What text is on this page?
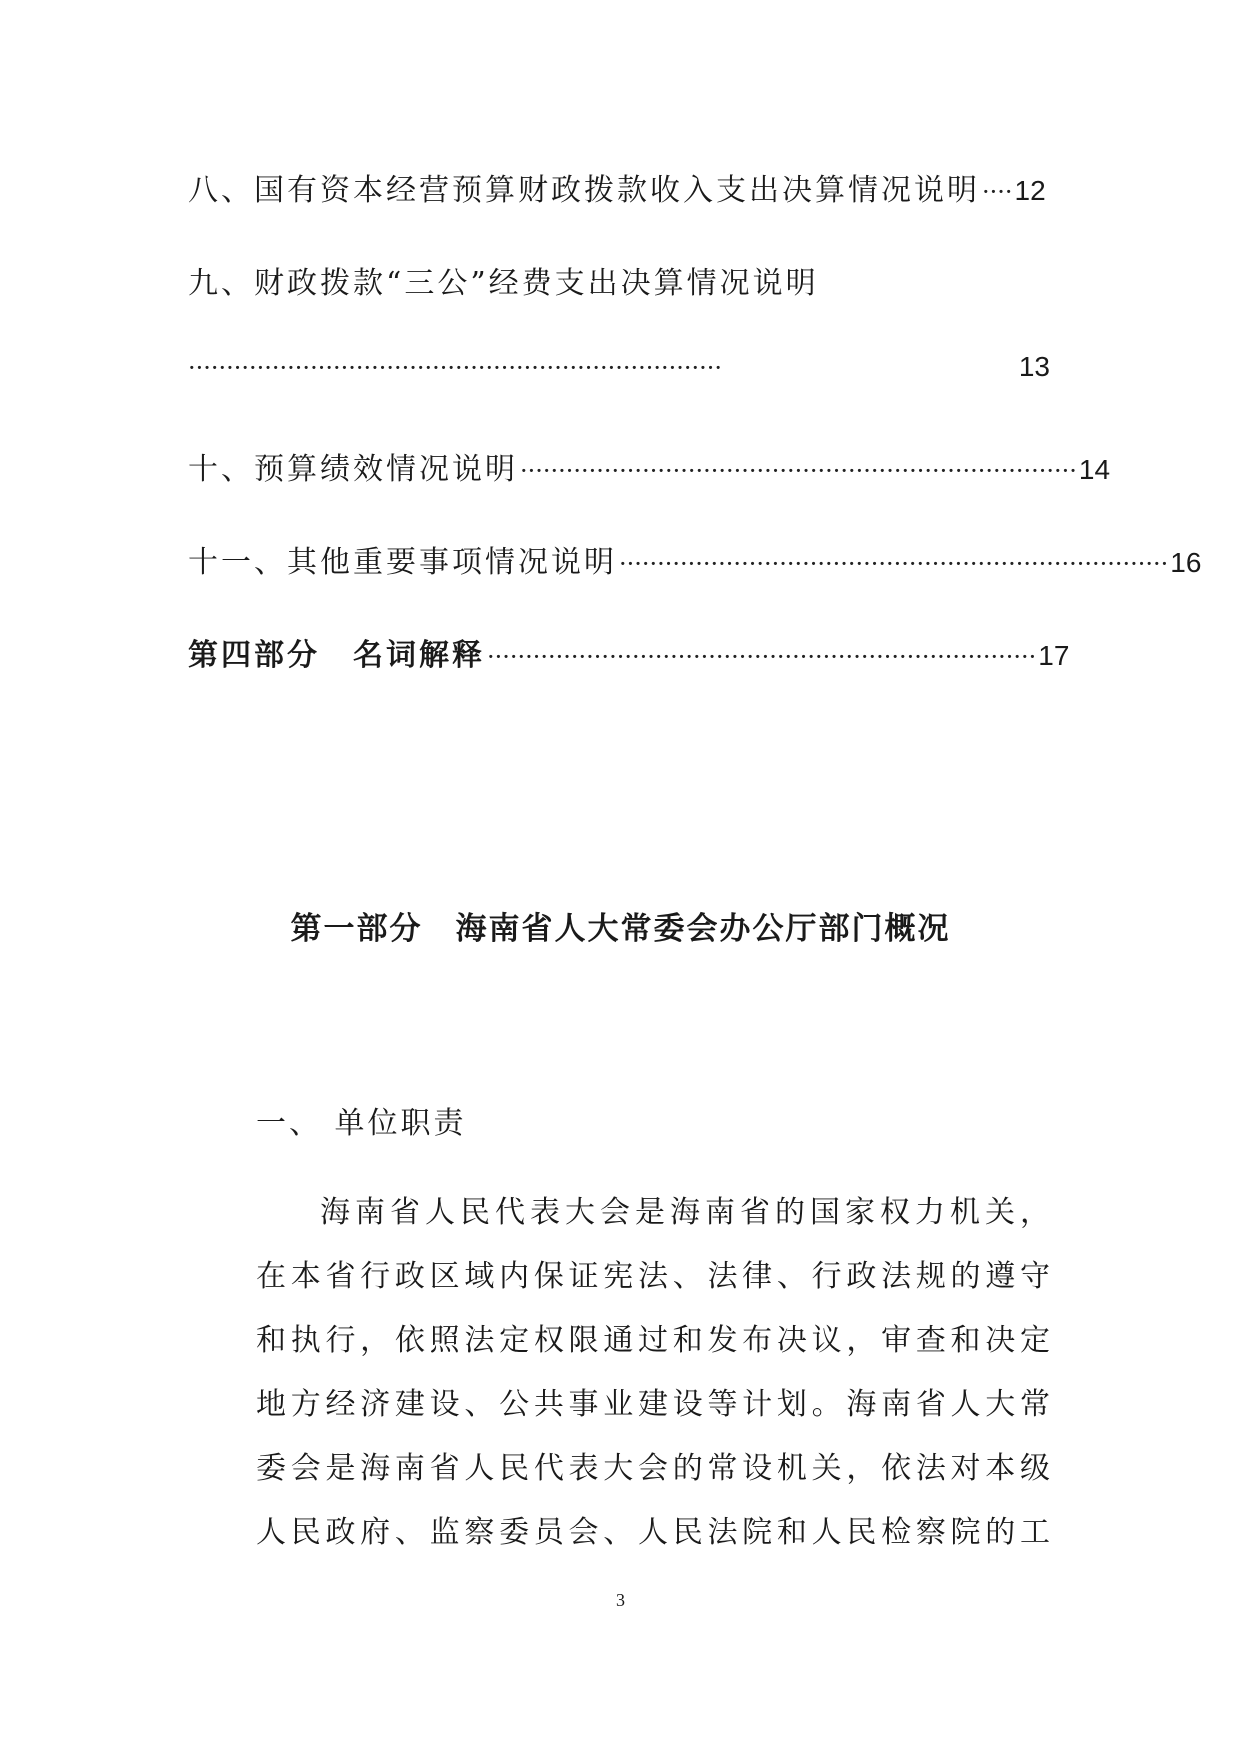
八、国有资本经营预算财政拨款收入支出决算情况说明 ···· 12
九、财政拨款“三公”经费支出决算情况说明
······································································	13
十、预算绩效情况说明 ········································································· 14
十一、其他重要事项情况说明 ········································································ 16
第四部分　名词解释 ········································································ 17
第一部分　海南省人大常委会办公厅部门概况
一、 单位职责
海南省人民代表大会是海南省的国家权力机关，
在本省行政区域内保证宪法、法律、行政法规的遵守
和执行，依照法定权限通过和发布决议，审查和决定
地方经济建设、公共事业建设等计划。海南省人大常
委会是海南省人民代表大会的常设机关，依法对本级
人民政府、监察委员会、人民法院和人民检察院的工
3
